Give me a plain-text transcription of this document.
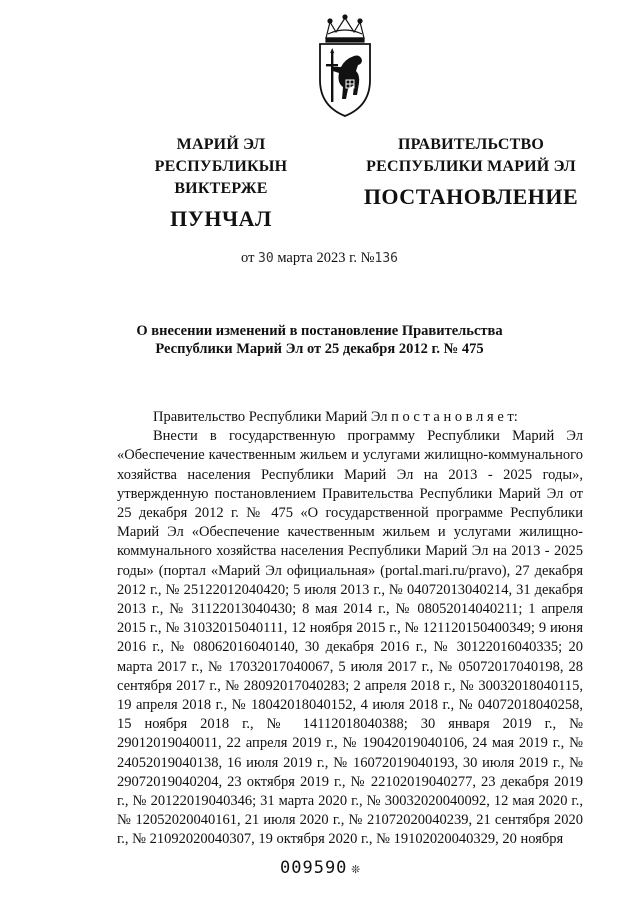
МАРИЙ ЭЛ РЕСПУБЛИКЫН ВИКТЕРЖЕ
ПУНЧАЛ
ПРАВИТЕЛЬСТВО РЕСПУБЛИКИ МАРИЙ ЭЛ
ПОСТАНОВЛЕНИЕ
от 30 марта 2023 г. №136
О внесении изменений в постановление Правительства
Республики Марий Эл от 25 декабря 2012 г. № 475

Правительство Республики Марий Эл п о с т а н о в л я е т:

Внести в государственную программу Республики Марий Эл «Обеспечение качественным жильем и услугами жилищно-коммунального хозяйства населения Республики Марий Эл на 2013 - 2025 годы», утвержденную постановлением Правительства Республики Марий Эл от 25 декабря 2012 г. № 475 «О государственной программе Республики Марий Эл «Обеспечение качественным жильем и услугами жилищно-коммунального хозяйства населения Республики Марий Эл на 2013 - 2025 годы» (портал «Марий Эл официальная» (portal.mari.ru/pravo), 27 декабря 2012 г., № 25122012040420; 5 июля 2013 г., № 04072013040214, 31 декабря 2013 г., № 31122013040430; 8 мая 2014 г., № 08052014040211; 1 апреля 2015 г., № 31032015040111, 12 ноября 2015 г., № 121120150400349; 9 июня 2016 г., № 08062016040140, 30 декабря 2016 г., № 30122016040335; 20 марта 2017 г., № 17032017040067, 5 июля 2017 г., № 05072017040198, 28 сентября 2017 г., № 28092017040283; 2 апреля 2018 г., № 30032018040115, 19 апреля 2018 г., № 18042018040152, 4 июля 2018 г., № 04072018040258, 15 ноября 2018 г., № 14112018040388; 30 января 2019 г., № 29012019040011, 22 апреля 2019 г., № 19042019040106, 24 мая 2019 г., № 24052019040138, 16 июля 2019 г., № 16072019040193, 30 июля 2019 г., № 29072019040204, 23 октября 2019 г., № 22102019040277, 23 декабря 2019 г., № 20122019040346; 31 марта 2020 г., № 30032020040092, 12 мая 2020 г., № 12052020040161, 21 июля 2020 г., № 21072020040239, 21 сентября 2020 г., № 21092020040307, 19 октября 2020 г., № 19102020040329, 20 ноября

009590 ❊
